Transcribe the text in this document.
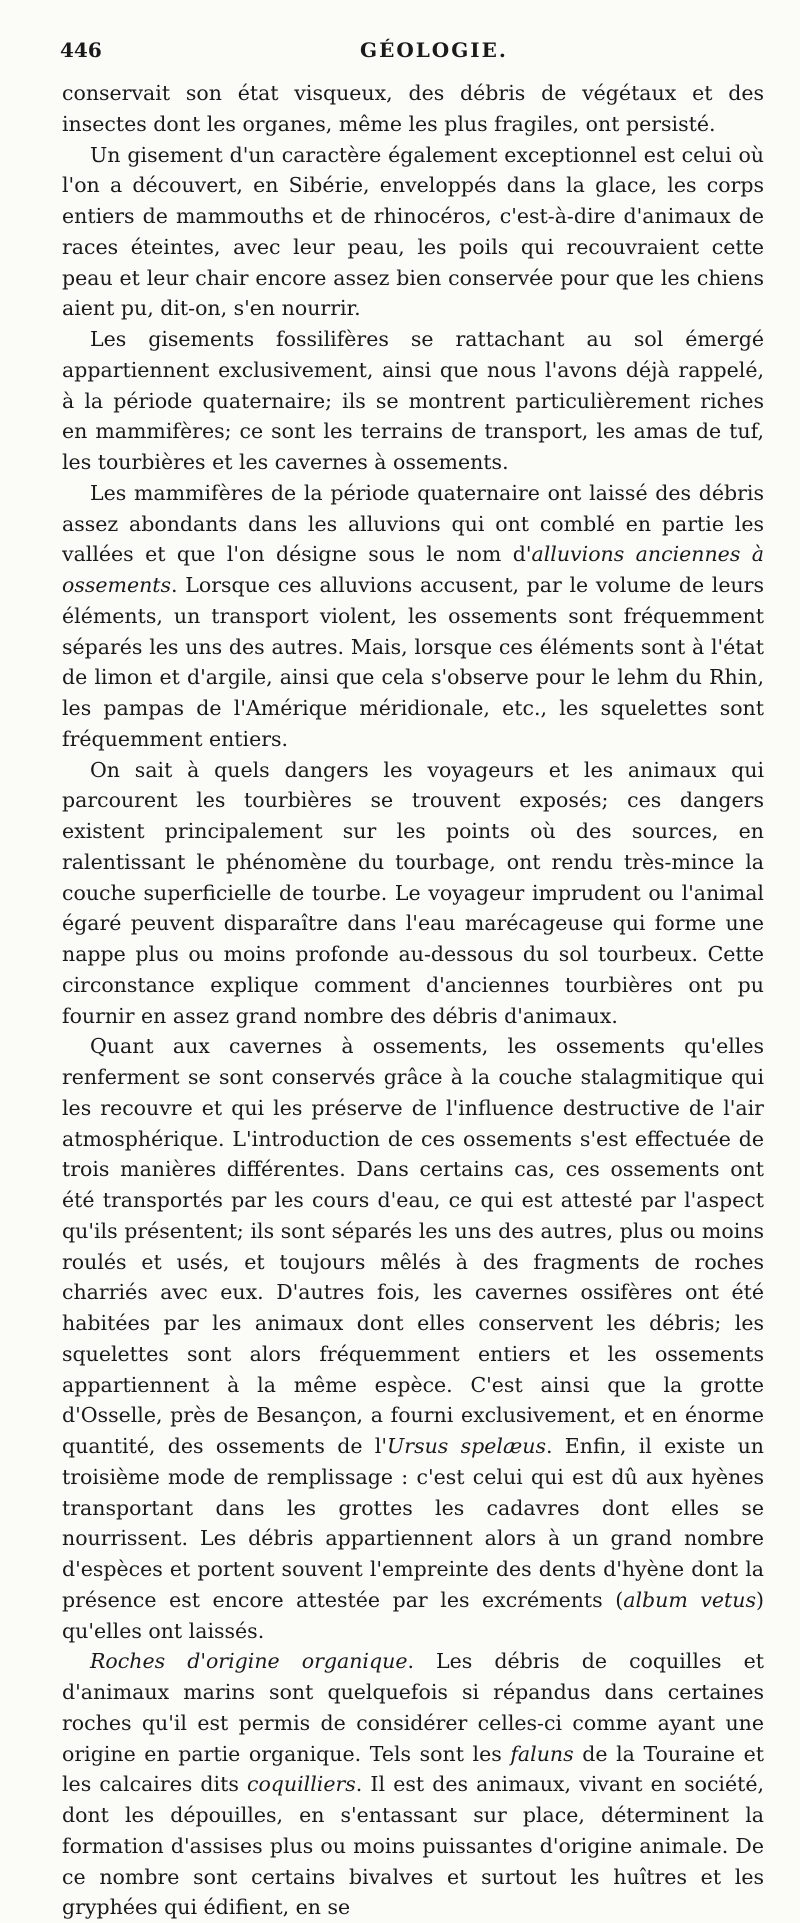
446	GÉOLOGIE.

conservait son état visqueux, des débris de végétaux et des insectes dont les organes, même les plus fragiles, ont persisté.

Un gisement d'un caractère également exceptionnel est celui où l'on a découvert, en Sibérie, enveloppés dans la glace, les corps entiers de mammouths et de rhinocéros, c'est-à-dire d'animaux de races éteintes, avec leur peau, les poils qui recouvraient cette peau et leur chair encore assez bien conservée pour que les chiens aient pu, dit-on, s'en nourrir.

Les gisements fossilifères se rattachant au sol émergé appartiennent exclusivement, ainsi que nous l'avons déjà rappelé, à la période quaternaire; ils se montrent particulièrement riches en mammifères; ce sont les terrains de transport, les amas de tuf, les tourbières et les cavernes à ossements.

Les mammifères de la période quaternaire ont laissé des débris assez abondants dans les alluvions qui ont comblé en partie les vallées et que l'on désigne sous le nom d'alluvions anciennes à ossements. Lorsque ces alluvions accusent, par le volume de leurs éléments, un transport violent, les ossements sont fréquemment séparés les uns des autres. Mais, lorsque ces éléments sont à l'état de limon et d'argile, ainsi que cela s'observe pour le lehm du Rhin, les pampas de l'Amérique méridionale, etc., les squelettes sont fréquemment entiers.

On sait à quels dangers les voyageurs et les animaux qui parcourent les tourbières se trouvent exposés; ces dangers existent principalement sur les points où des sources, en ralentissant le phénomène du tourbage, ont rendu très-mince la couche superficielle de tourbe. Le voyageur imprudent ou l'animal égaré peuvent disparaître dans l'eau marécageuse qui forme une nappe plus ou moins profonde au-dessous du sol tourbeux. Cette circonstance explique comment d'anciennes tourbières ont pu fournir en assez grand nombre des débris d'animaux.

Quant aux cavernes à ossements, les ossements qu'elles renferment se sont conservés grâce à la couche stalagmitique qui les recouvre et qui les préserve de l'influence destructive de l'air atmosphérique. L'introduction de ces ossements s'est effectuée de trois manières différentes. Dans certains cas, ces ossements ont été transportés par les cours d'eau, ce qui est attesté par l'aspect qu'ils présentent; ils sont séparés les uns des autres, plus ou moins roulés et usés, et toujours mêlés à des fragments de roches charriés avec eux. D'autres fois, les cavernes ossifères ont été habitées par les animaux dont elles conservent les débris; les squelettes sont alors fréquemment entiers et les ossements appartiennent à la même espèce. C'est ainsi que la grotte d'Osselle, près de Besançon, a fourni exclusivement, et en énorme quantité, des ossements de l'Ursus spelæus. Enfin, il existe un troisième mode de remplissage : c'est celui qui est dû aux hyènes transportant dans les grottes les cadavres dont elles se nourrissent. Les débris appartiennent alors à un grand nombre d'espèces et portent souvent l'empreinte des dents d'hyène dont la présence est encore attestée par les excréments (album vetus) qu'elles ont laissés.

Roches d'origine organique. Les débris de coquilles et d'animaux marins sont quelquefois si répandus dans certaines roches qu'il est permis de considérer celles-ci comme ayant une origine en partie organique. Tels sont les faluns de la Touraine et les calcaires dits coquilliers. Il est des animaux, vivant en société, dont les dépouilles, en s'entassant sur place, déterminent la formation d'assises plus ou moins puissantes d'origine animale. De ce nombre sont certains bivalves et surtout les huîtres et les gryphées qui édifient, en se
